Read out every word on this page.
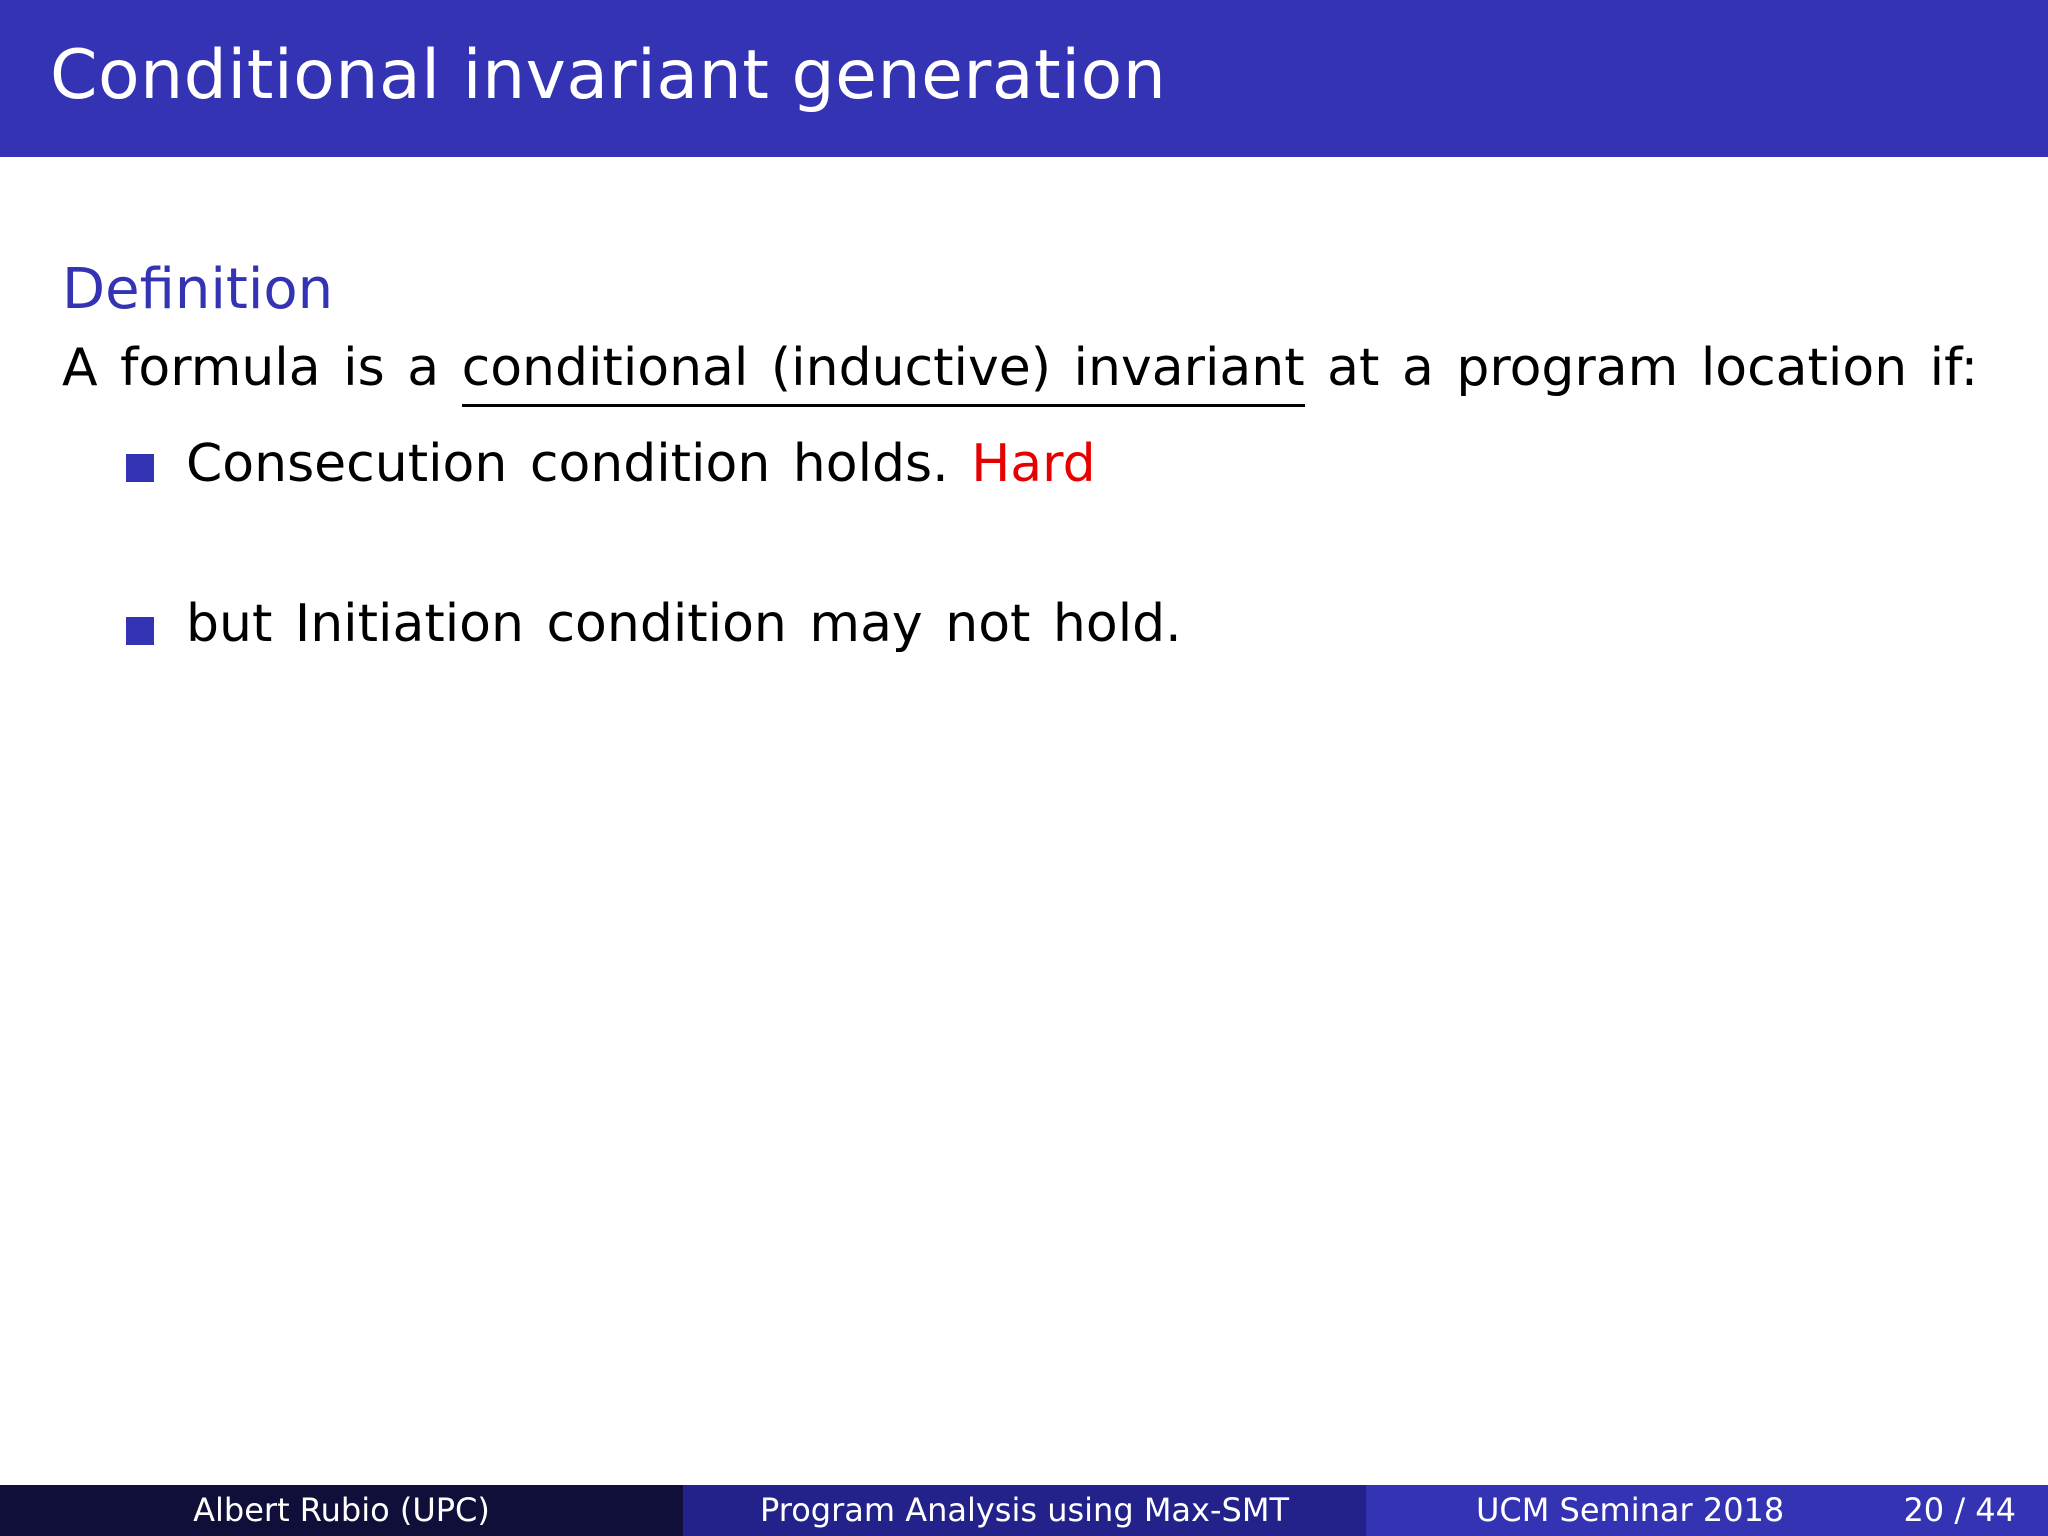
Conditional invariant generation
Definition
A formula is a conditional (inductive) invariant at a program location if:
Consecution condition holds. Hard
but Initiation condition may not hold.
Albert Rubio (UPC)	Program Analysis using Max-SMT	UCM Seminar 2018	20 / 44
